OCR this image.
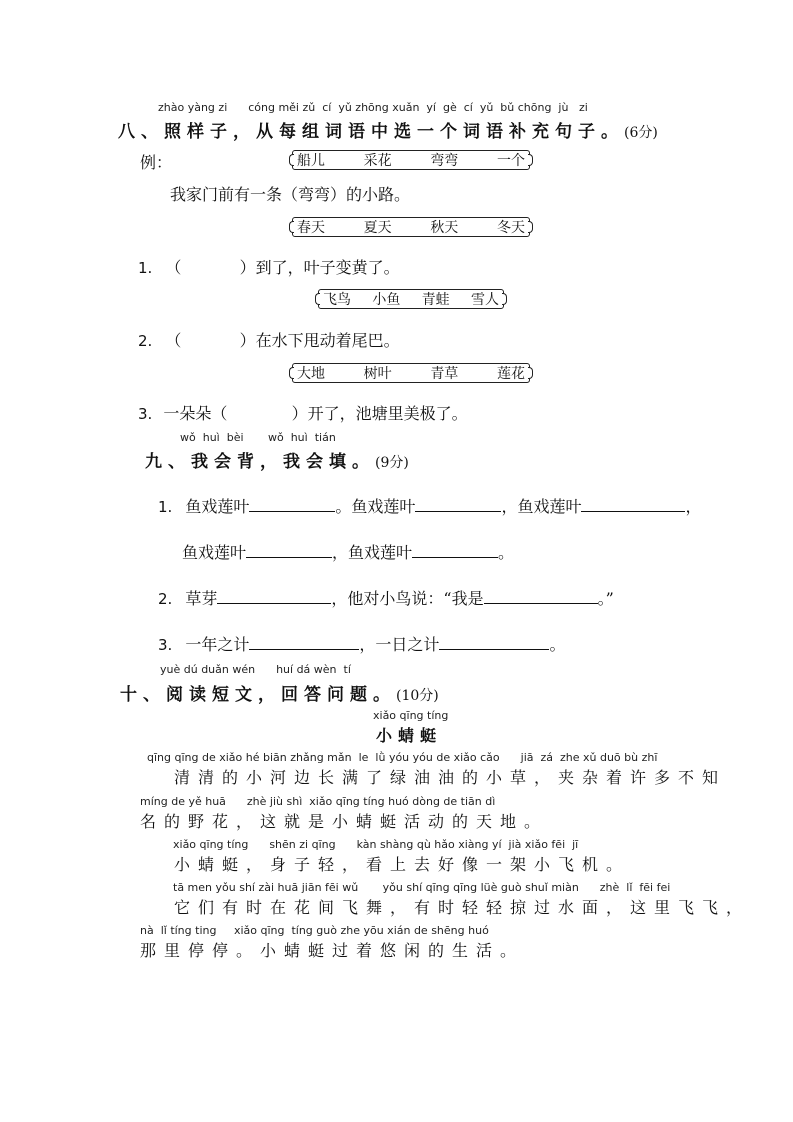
zhào yàng zi      cóng měi zǔ  cí  yǔ zhōng xuǎn  yí  gè  cí  yǔ  bǔ chōng  jù   zi
八、照样子，从每组词语中选一个词语补充句子。(6分)
例：	船儿	采花	弯弯	一个
我家门前有一条（弯弯）的小路。
春天	夏天	秋天	冬天
1. （	）到了，叶子变黄了。
飞鸟 小鱼 青蛙 雪人
2. （	）在水下甩动着尾巴。
大地	树叶	青草	莲花
3. 一朵朵（	）开了，池塘里美极了。
wǒ  huì  bèi       wǒ  huì  tián
九、我会背，我会填。(9分)
1. 鱼戏莲叶	。鱼戏莲叶	，鱼戏莲叶	，
鱼戏莲叶	，鱼戏莲叶	。
2. 草芽	，他对小鸟说：“我是	。”
3. 一年之计	，一日之计	。
yuè dú duǎn wén      huí dá wèn  tí
十、阅读短文，回答问题。(10分)
xiǎo qīng tíng
小蜻蜓
qīng qīng de xiǎo hé biān zhǎng mǎn  le  lǜ yóu yóu de xiǎo cǎo      jiā  zá  zhe xǔ duō bù zhī
清清的小河边长满了绿油油的小草，夹杂着许多不知
míng de yě huā      zhè jiù shì  xiǎo qīng tíng huó dòng de tiān dì
名的野花，这就是小蜻蜓活动的天地。
xiǎo qīng tíng      shēn zi qīng      kàn shàng qù hǎo xiàng yí  jià xiǎo fēi  jī
小蜻蜓，身子轻，看上去好像一架小飞机。
tā men yǒu shí zài huā jiān fēi wǔ       yǒu shí qīng qīng lüè guò shuǐ miàn      zhè  lǐ  fēi fei
它们有时在花间飞舞，有时轻轻掠过水面，这里飞飞，
nà  lǐ tíng ting     xiǎo qīng  tíng guò zhe yōu xián de shēng huó
那里停停。小蜻蜓过着悠闲的生活。
